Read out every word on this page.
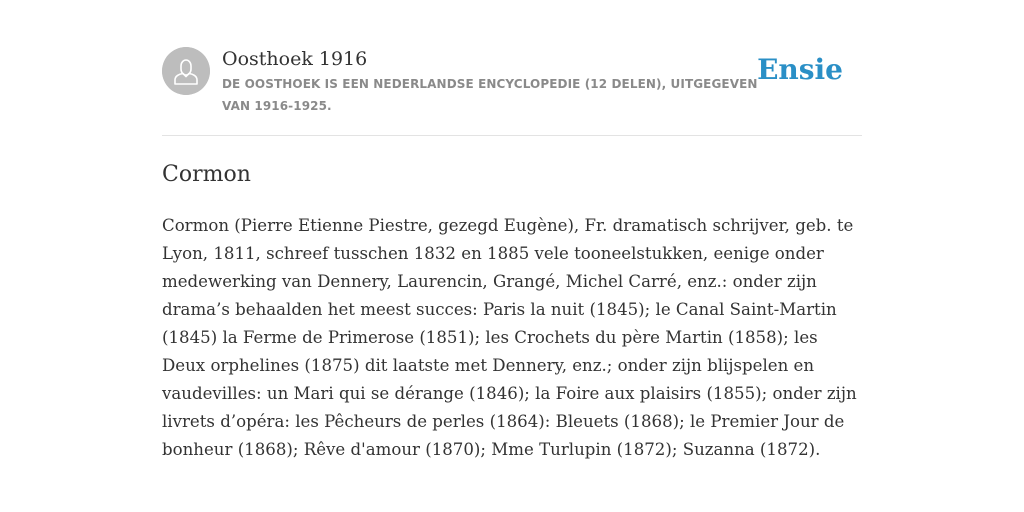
Oosthoek 1916
DE OOSTHOEK IS EEN NEDERLANDSE ENCYCLOPEDIE (12 DELEN), UITGEGEVEN VAN 1916-1925.
Ensie
Cormon

Cormon (Pierre Etienne Piestre, gezegd Eugène), Fr. dramatisch schrijver, geb. te Lyon, 1811, schreef tusschen 1832 en 1885 vele tooneelstukken, eenige onder medewerking van Dennery, Laurencin, Grangé, Michel Carré, enz.: onder zijn drama’s behaalden het meest succes: Paris la nuit (1845); le Canal Saint-Martin (1845) la Ferme de Primerose (1851); les Crochets du père Martin (1858); les Deux orphelines (1875) dit laatste met Dennery, enz.; onder zijn blijspelen en vaudevilles: un Mari qui se dérange (1846); la Foire aux plaisirs (1855); onder zijn livrets d’opéra: les Pêcheurs de perles (1864): Bleuets (1868); le Premier Jour de bonheur (1868); Rêve d'amour (1870); Mme Turlupin (1872); Suzanna (1872).
